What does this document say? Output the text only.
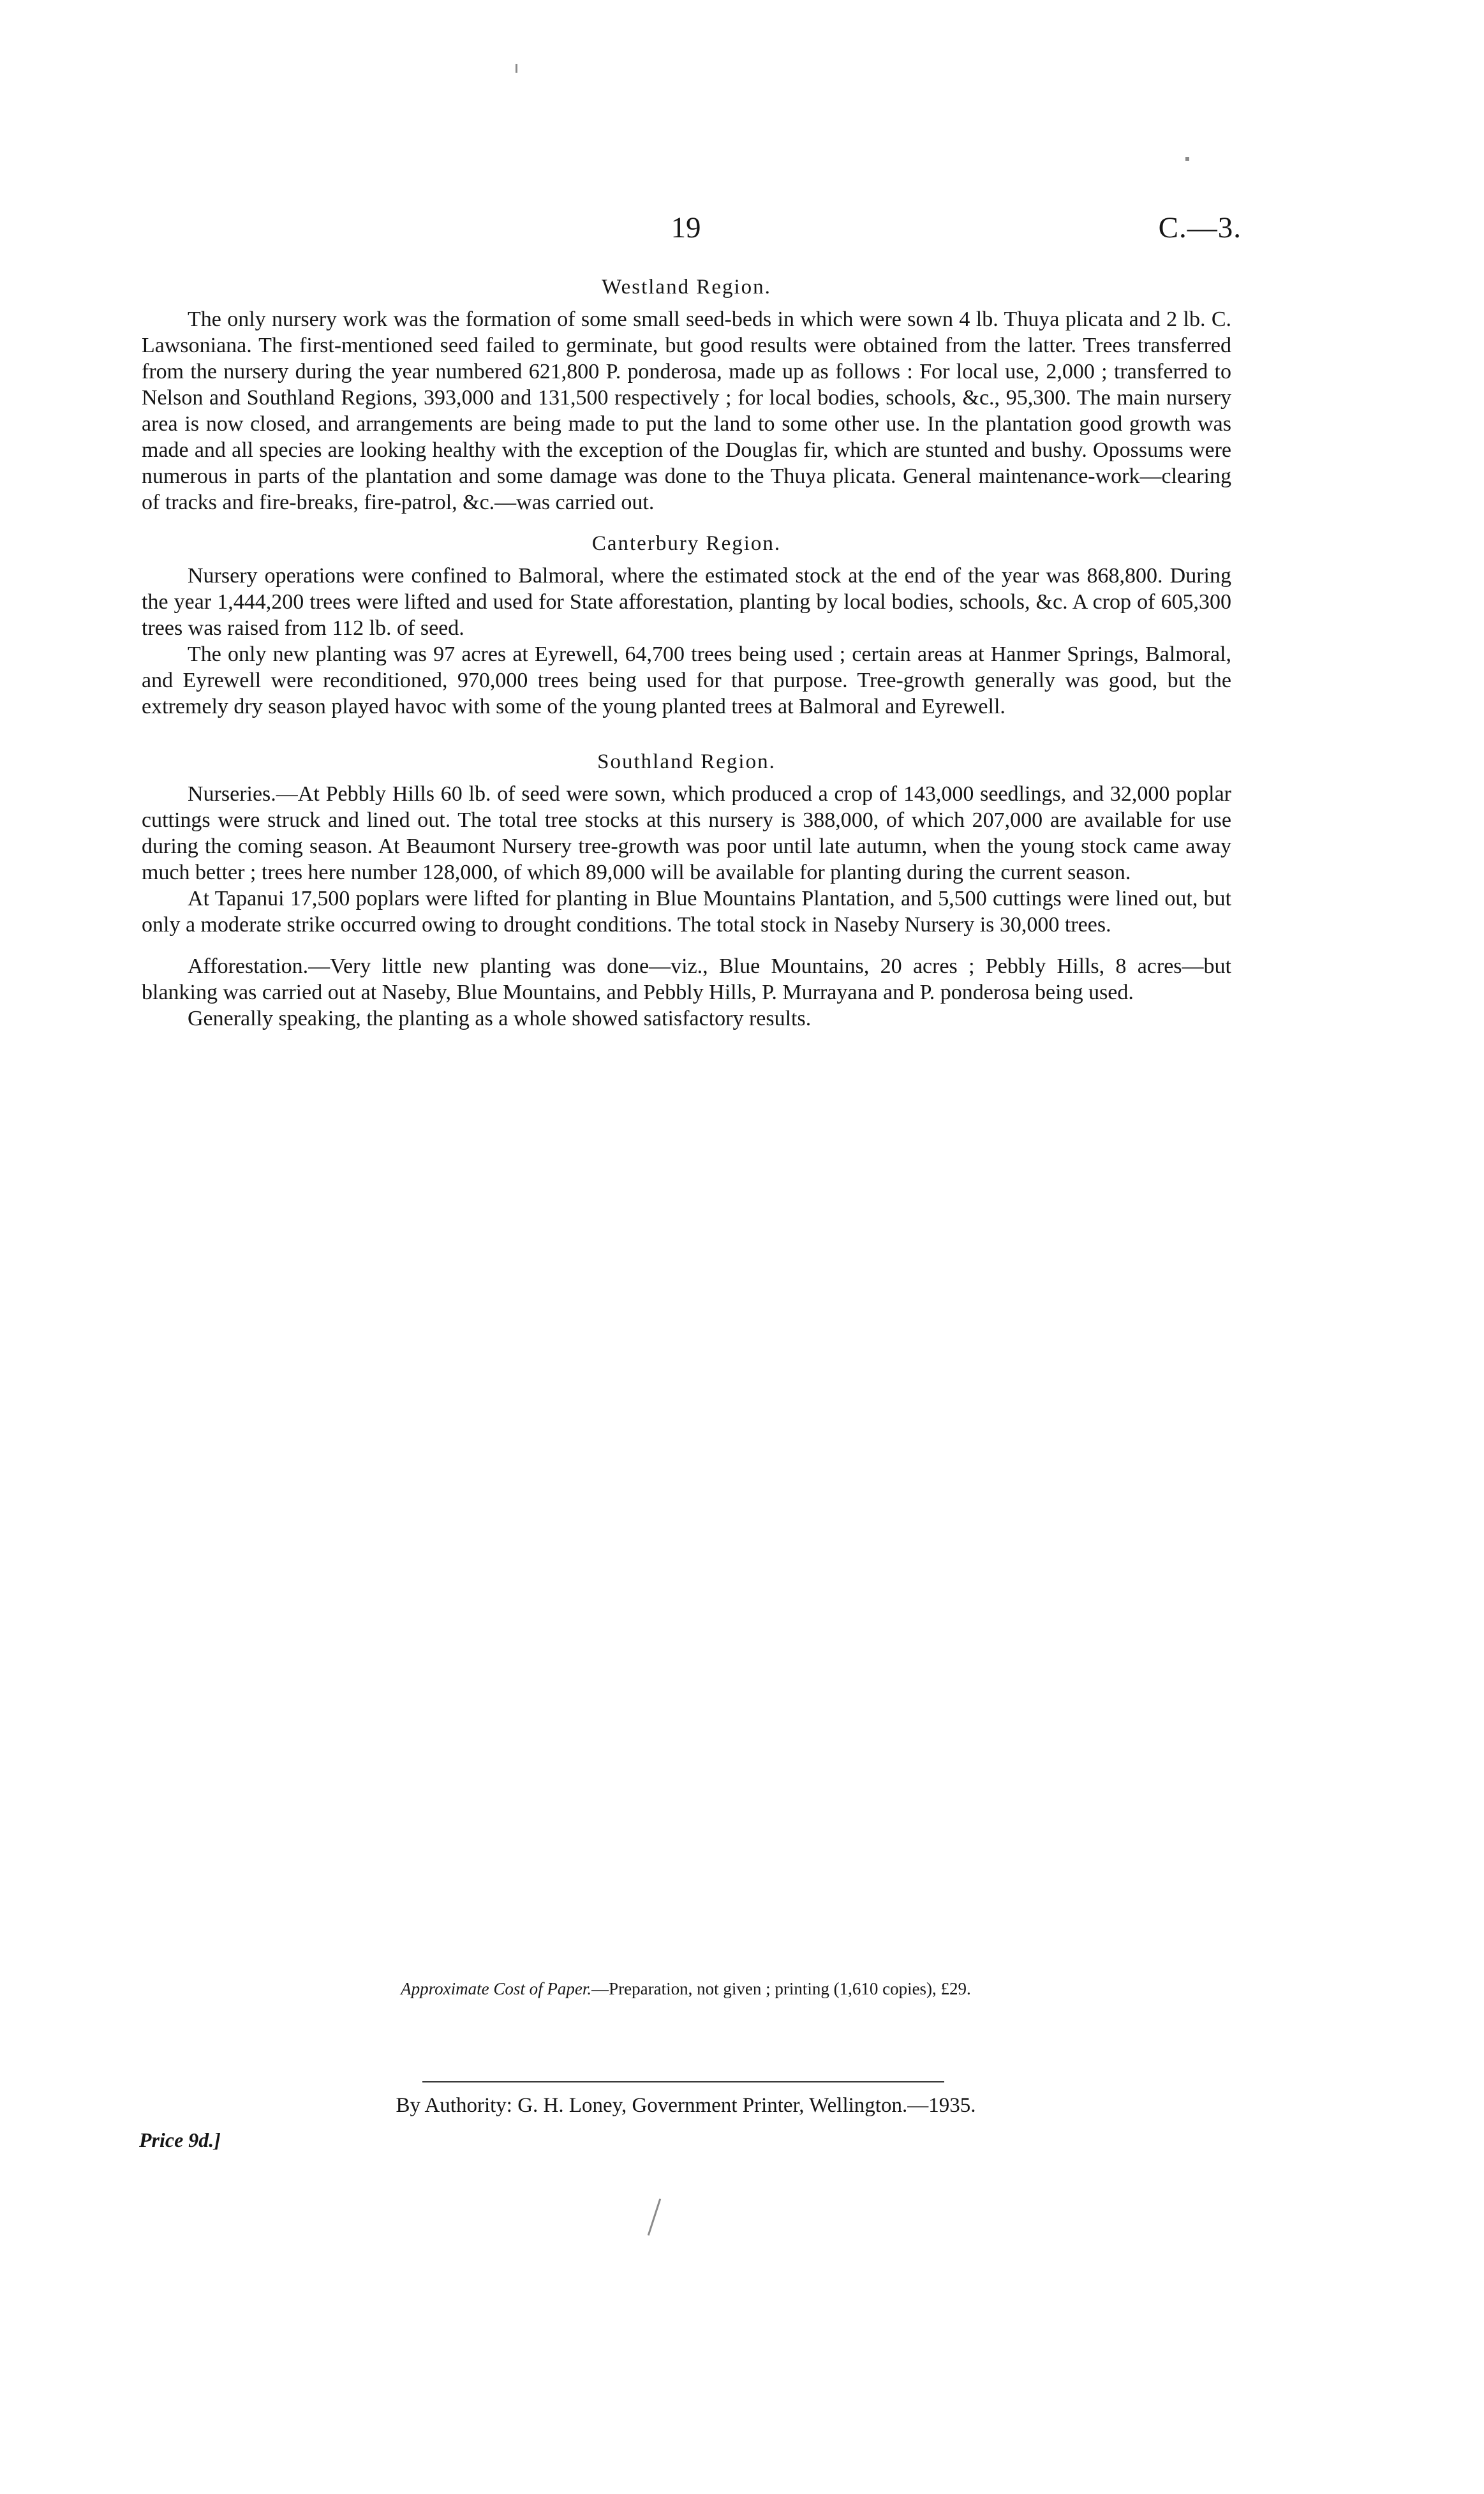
19	C.—3.
Westland Region.

The only nursery work was the formation of some small seed-beds in which were sown 4 lb. Thuya plicata and 2 lb. C. Lawsoniana. The first-mentioned seed failed to germinate, but good results were obtained from the latter. Trees transferred from the nursery during the year numbered 621,800 P. ponderosa, made up as follows : For local use, 2,000 ; transferred to Nelson and Southland Regions, 393,000 and 131,500 respectively ; for local bodies, schools, &c., 95,300. The main nursery area is now closed, and arrangements are being made to put the land to some other use. In the plantation good growth was made and all species are looking healthy with the exception of the Douglas fir, which are stunted and bushy. Opossums were numerous in parts of the plantation and some damage was done to the Thuya plicata. General maintenance-work—clearing of tracks and fire-breaks, fire-patrol, &c.—was carried out.

Canterbury Region.

Nursery operations were confined to Balmoral, where the estimated stock at the end of the year was 868,800. During the year 1,444,200 trees were lifted and used for State afforestation, planting by local bodies, schools, &c. A crop of 605,300 trees was raised from 112 lb. of seed.

The only new planting was 97 acres at Eyrewell, 64,700 trees being used ; certain areas at Hanmer Springs, Balmoral, and Eyrewell were reconditioned, 970,000 trees being used for that purpose. Tree-growth generally was good, but the extremely dry season played havoc with some of the young planted trees at Balmoral and Eyrewell.

Southland Region.

Nurseries.—At Pebbly Hills 60 lb. of seed were sown, which produced a crop of 143,000 seedlings, and 32,000 poplar cuttings were struck and lined out. The total tree stocks at this nursery is 388,000, of which 207,000 are available for use during the coming season. At Beaumont Nursery tree-growth was poor until late autumn, when the young stock came away much better ; trees here number 128,000, of which 89,000 will be available for planting during the current season.

At Tapanui 17,500 poplars were lifted for planting in Blue Mountains Plantation, and 5,500 cuttings were lined out, but only a moderate strike occurred owing to drought conditions. The total stock in Naseby Nursery is 30,000 trees.

Afforestation.—Very little new planting was done—viz., Blue Mountains, 20 acres ; Pebbly Hills, 8 acres—but blanking was carried out at Naseby, Blue Mountains, and Pebbly Hills, P. Murrayana and P. ponderosa being used.

Generally speaking, the planting as a whole showed satisfactory results.

Approximate Cost of Paper.—Preparation, not given ; printing (1,610 copies), £29.
By Authority: G. H. Loney, Government Printer, Wellington.—1935.
Price 9d.]
